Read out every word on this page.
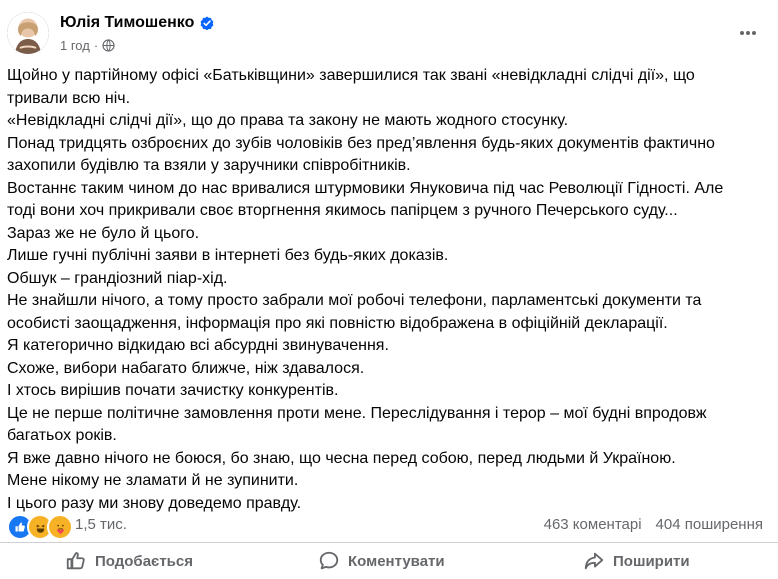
Юлія Тимошенко
1 год ·

Щойно у партійному офісі «Батьківщини» завершилися так звані «невідкладні слідчі дії», що

тривали всю ніч.

«Невідкладні слідчі дії», що до права та закону не мають жодного стосунку.

Понад тридцять озброєних до зубів чоловіків без пред’явлення будь-яких документів фактично

захопили будівлю та взяли у заручники співробітників.

Востаннє таким чином до нас вривалися штурмовики Януковича під час Революції Гідності. Але

тоді вони хоч прикривали своє вторгнення якимось папірцем з ручного Печерського суду...

Зараз же не було й цього.

Лише гучні публічні заяви в інтернеті без будь-яких доказів.

Обшук – грандіозний піар-хід.

Не знайшли нічого, а тому просто забрали мої робочі телефони, парламентські документи та

особисті заощадження, інформація про які повністю відображена в офіційній декларації.

Я категорично відкидаю всі абсурдні звинувачення.

Схоже, вибори набагато ближче, ніж здавалося.

І хтось вирішив почати зачистку конкурентів.

Це не перше політичне замовлення проти мене. Переслідування і терор – мої будні впродовж

багатьох років.

Я вже давно нічого не боюся, бо знаю, що чесна перед собою, перед людьми й Україною.

Мене нікому не зламати й не зупинити.

І цього разу ми знову доведемо правду.

1,5 тис.	463 коментарі 404 поширення
Подобається	Коментувати	Поширити
